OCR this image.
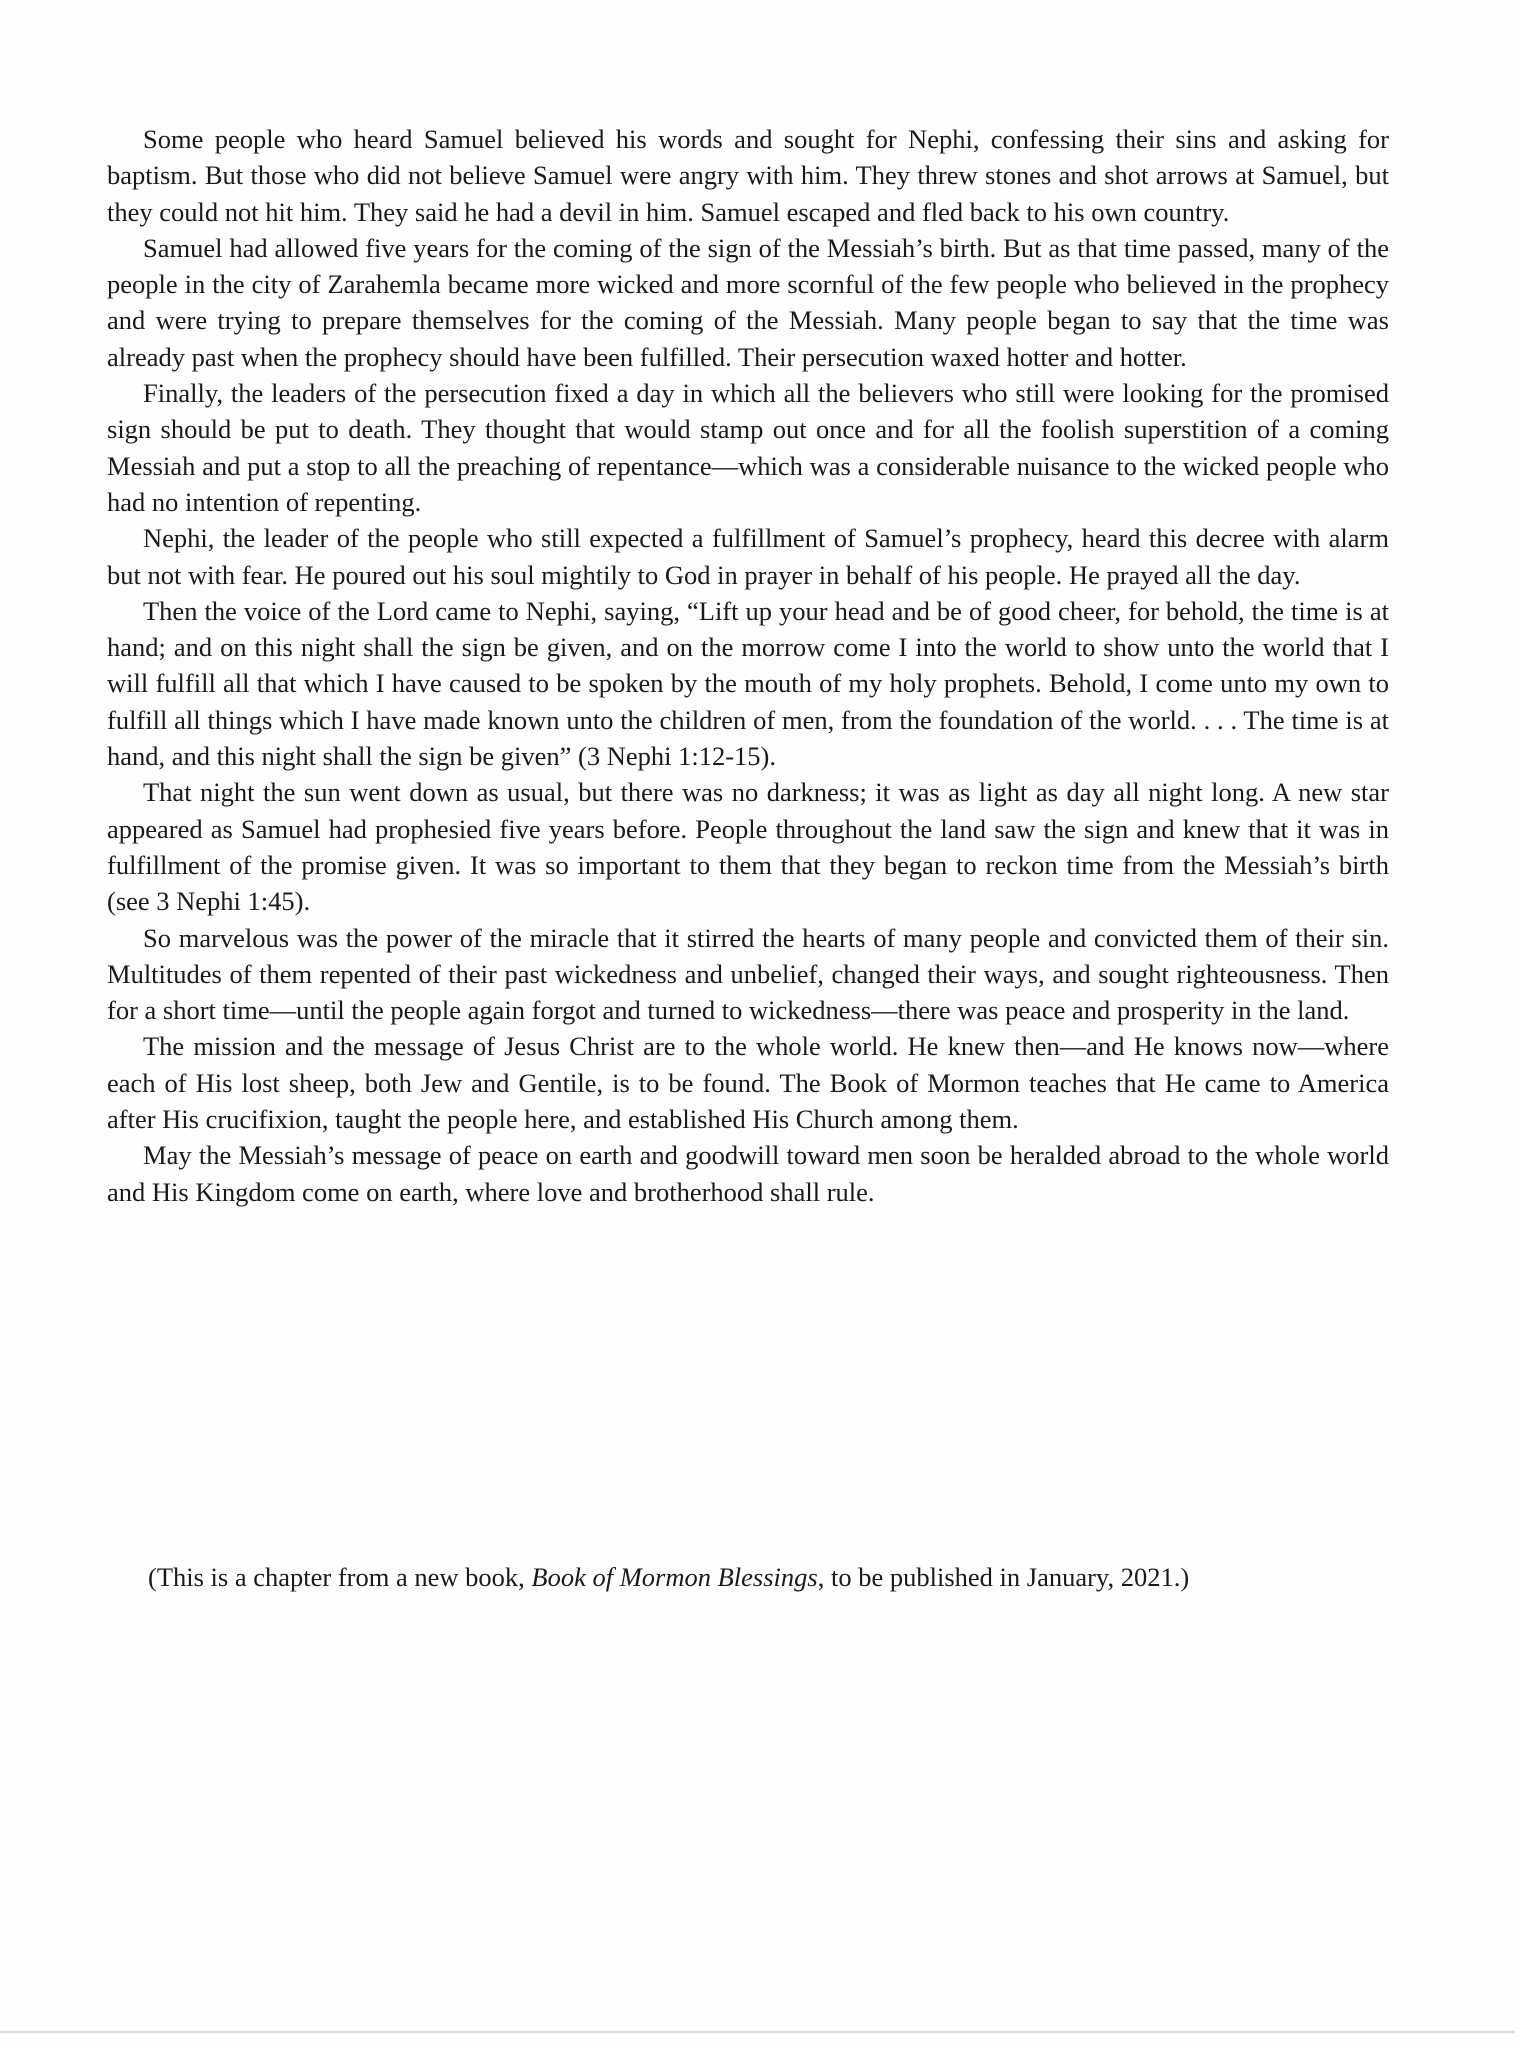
Some people who heard Samuel believed his words and sought for Nephi, confessing their sins and asking for baptism. But those who did not believe Samuel were angry with him. They threw stones and shot arrows at Samuel, but they could not hit him. They said he had a devil in him. Samuel escaped and fled back to his own country.

Samuel had allowed five years for the coming of the sign of the Messiah’s birth. But as that time passed, many of the people in the city of Zarahemla became more wicked and more scornful of the few people who believed in the prophecy and were trying to prepare themselves for the coming of the Messiah. Many people began to say that the time was already past when the prophecy should have been fulfilled. Their persecution waxed hotter and hotter.

Finally, the leaders of the persecution fixed a day in which all the believers who still were looking for the promised sign should be put to death. They thought that would stamp out once and for all the foolish superstition of a coming Messiah and put a stop to all the preaching of repentance—which was a considerable nuisance to the wicked people who had no intention of repenting.

Nephi, the leader of the people who still expected a fulfillment of Samuel’s prophecy, heard this decree with alarm but not with fear. He poured out his soul mightily to God in prayer in behalf of his people. He prayed all the day.

Then the voice of the Lord came to Nephi, saying, “Lift up your head and be of good cheer, for behold, the time is at hand; and on this night shall the sign be given, and on the morrow come I into the world to show unto the world that I will fulfill all that which I have caused to be spoken by the mouth of my holy prophets. Behold, I come unto my own to fulfill all things which I have made known unto the children of men, from the foundation of the world. . . . The time is at hand, and this night shall the sign be given” (3 Nephi 1:12-15).

That night the sun went down as usual, but there was no darkness; it was as light as day all night long. A new star appeared as Samuel had prophesied five years before. People throughout the land saw the sign and knew that it was in fulfillment of the promise given. It was so important to them that they began to reckon time from the Messiah’s birth (see 3 Nephi 1:45).

So marvelous was the power of the miracle that it stirred the hearts of many people and convicted them of their sin. Multitudes of them repented of their past wickedness and unbelief, changed their ways, and sought righteousness. Then for a short time—until the people again forgot and turned to wickedness—there was peace and prosperity in the land.

The mission and the message of Jesus Christ are to the whole world. He knew then—and He knows now—where each of His lost sheep, both Jew and Gentile, is to be found. The Book of Mormon teaches that He came to America after His crucifixion, taught the people here, and established His Church among them.

May the Messiah’s message of peace on earth and goodwill toward men soon be heralded abroad to the whole world and His Kingdom come on earth, where love and brotherhood shall rule.

(This is a chapter from a new book, Book of Mormon Blessings, to be published in January, 2021.)
